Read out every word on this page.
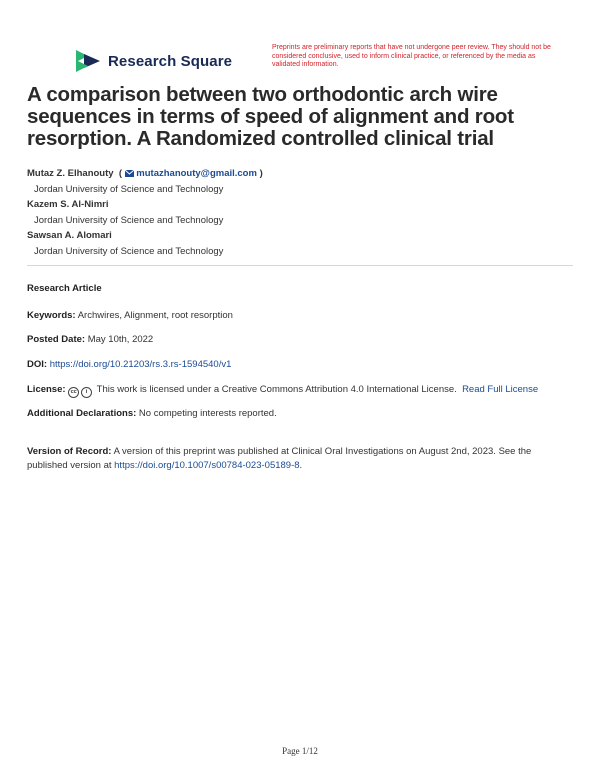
Research Square
Preprints are preliminary reports that have not undergone peer review. They should not be considered conclusive, used to inform clinical practice, or referenced by the media as validated information.
A comparison between two orthodontic arch wire sequences in terms of speed of alignment and root resorption. A Randomized controlled clinical trial
Mutaz Z. Elhanouty  ( mutazhanouty@gmail.com )
Jordan University of Science and Technology
Kazem S. Al-Nimri
Jordan University of Science and Technology
Sawsan A. Alomari
Jordan University of Science and Technology
Research Article
Keywords: Archwires, Alignment, root resorption
Posted Date: May 10th, 2022
DOI: https://doi.org/10.21203/rs.3.rs-1594540/v1
License: cc i This work is licensed under a Creative Commons Attribution 4.0 International License. Read Full License
Additional Declarations: No competing interests reported.
Version of Record: A version of this preprint was published at Clinical Oral Investigations on August 2nd, 2023. See the published version at https://doi.org/10.1007/s00784-023-05189-8.
Page 1/12
